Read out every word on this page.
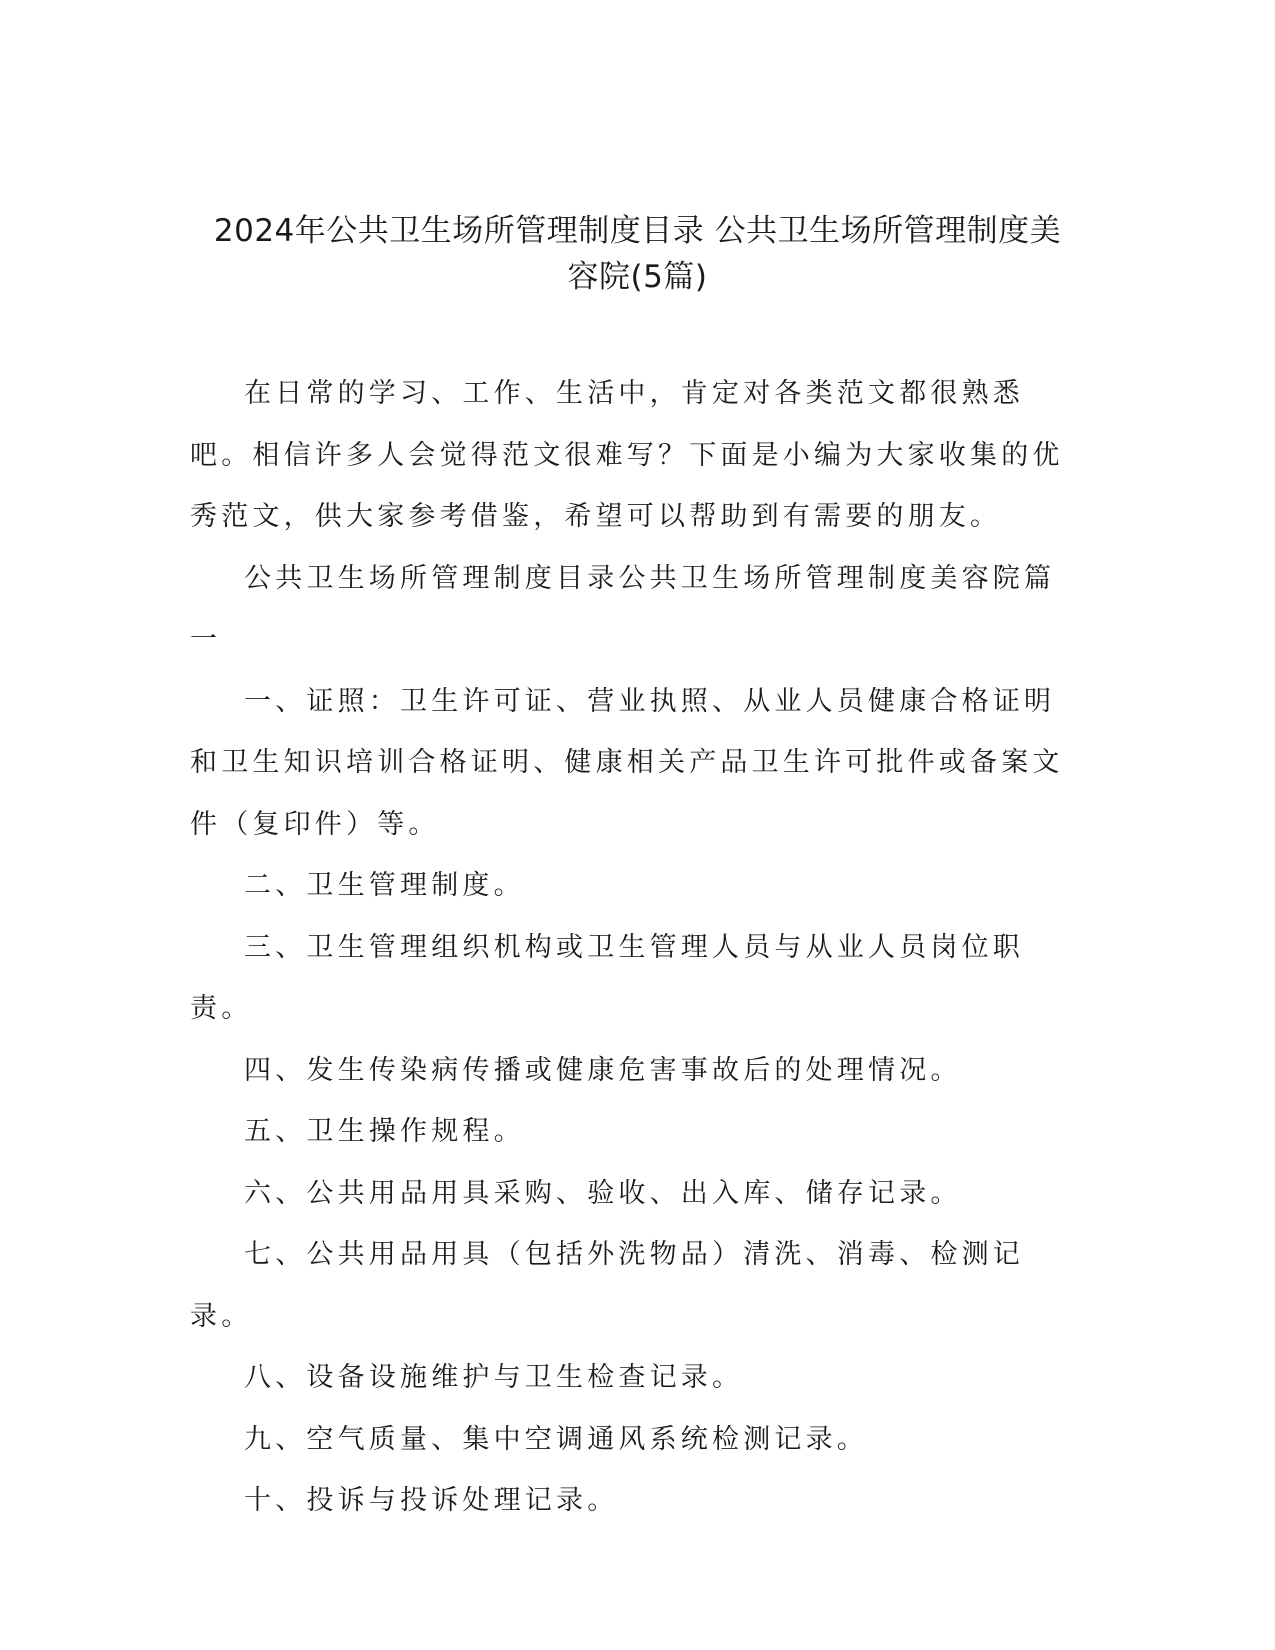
2024年公共卫生场所管理制度目录 公共卫生场所管理制度美
容院(5篇)

在日常的学习、工作、生活中，肯定对各类范文都很熟悉吧。相信许多人会觉得范文很难写？下面是小编为大家收集的优秀范文，供大家参考借鉴，希望可以帮助到有需要的朋友。

公共卫生场所管理制度目录公共卫生场所管理制度美容院篇一

一、证照：卫生许可证、营业执照、从业人员健康合格证明和卫生知识培训合格证明、健康相关产品卫生许可批件或备案文件（复印件）等。

二、卫生管理制度。

三、卫生管理组织机构或卫生管理人员与从业人员岗位职责。

四、发生传染病传播或健康危害事故后的处理情况。

五、卫生操作规程。

六、公共用品用具采购、验收、出入库、储存记录。

七、公共用品用具（包括外洗物品）清洗、消毒、检测记录。

八、设备设施维护与卫生检查记录。

九、空气质量、集中空调通风系统检测记录。

十、投诉与投诉处理记录。
